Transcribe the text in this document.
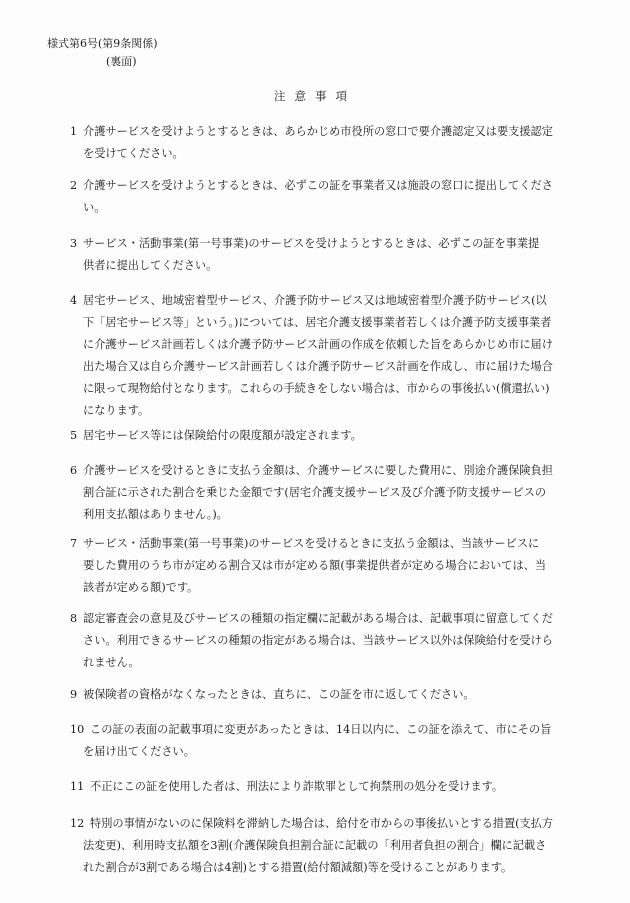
様式第6号(第9条関係)
(裏面)
注意事項
1 介護サービスを受けようとするときは、あらかじめ市役所の窓口で要介護認定又は要支援認定
を受けてください。
2 介護サービスを受けようとするときは、必ずこの証を事業者又は施設の窓口に提出してくださ
い。
3 サービス・活動事業(第一号事業)のサービスを受けようとするときは、必ずこの証を事業提
供者に提出してください。
4 居宅サービス、地域密着型サービス、介護予防サービス又は地域密着型介護予防サービス(以
下「居宅サービス等」という。)については、居宅介護支援事業者若しくは介護予防支援事業者
に介護サービス計画若しくは介護予防サービス計画の作成を依頼した旨をあらかじめ市に届け
出た場合又は自ら介護サービス計画若しくは介護予防サービス計画を作成し、市に届けた場合
に限って現物給付となります。これらの手続きをしない場合は、市からの事後払い(償還払い)
になります。
5 居宅サービス等には保険給付の限度額が設定されます。
6 介護サービスを受けるときに支払う金額は、介護サービスに要した費用に、別途介護保険負担
割合証に示された割合を乗じた金額です(居宅介護支援サービス及び介護予防支援サービスの
利用支払額はありません。)。
7 サービス・活動事業(第一号事業)のサービスを受けるときに支払う金額は、当該サービスに
要した費用のうち市が定める割合又は市が定める額(事業提供者が定める場合においては、当
該者が定める額)です。
8 認定審査会の意見及びサービスの種類の指定欄に記載がある場合は、記載事項に留意してくだ
さい。利用できるサービスの種類の指定がある場合は、当該サービス以外は保険給付を受けら
れません。
9 被保険者の資格がなくなったときは、直ちに、この証を市に返してください。
10 この証の表面の記載事項に変更があったときは、14日以内に、この証を添えて、市にその旨
を届け出てください。
11 不正にこの証を使用した者は、刑法により詐欺罪として拘禁刑の処分を受けます。
12 特別の事情がないのに保険料を滞納した場合は、給付を市からの事後払いとする措置(支払方
法変更)、利用時支払額を3割(介護保険負担割合証に記載の「利用者負担の割合」欄に記載さ
れた割合が3割である場合は4割)とする措置(給付額減額)等を受けることがあります。
